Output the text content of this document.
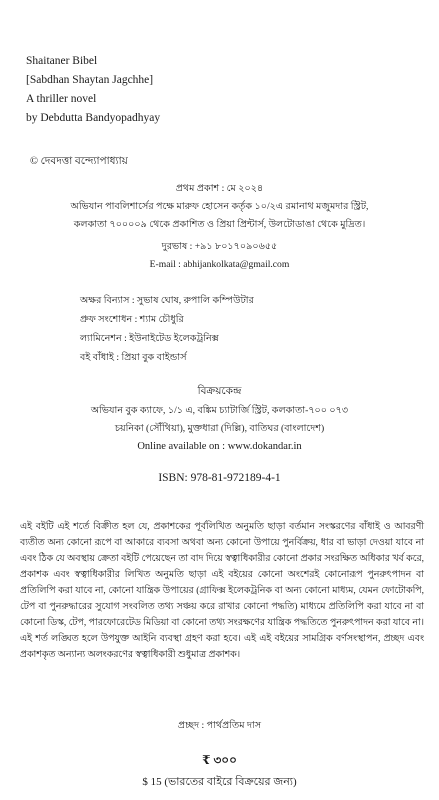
Shaitaner Bibel
[Sabdhan Shaytan Jagchhe]
A thriller novel
by Debdutta Bandyopadhyay
© দেবদত্তা বন্দ্যোপাধ্যায়
প্রথম প্রকাশ : মে ২০২৪
অভিযান পাবলিশার্সের পক্ষে মারুফ হোসেন কর্তৃক ১০/২এ রমানাথ মজুমদার স্ট্রিট,
কলকাতা ৭০০০০৯ থেকে প্রকাশিত ও প্রিয়া প্রিন্টার্স, উলটোডাঙা থেকে মুদ্রিত।
দুরভাষ : +৯১ ৮০১৭০৯০৬৫৫
E-mail : abhijankolkata@gmail.com
অক্ষর বিন্যাস : সুভাষ ঘোষ, রুপালি কম্পিউটার
প্রুফ সংশোধন : শ্যাম চৌধুরি
ল্যামিনেশন : ইউনাইটেড ইলেকট্রনিক্স
বই বাঁধাই : প্রিয়া বুক বাইন্ডার্স
বিক্রয়কেন্দ্র
অভিযান বুক ক্যাফে, ১/১ এ, বঙ্কিম চ্যাটার্জি স্ট্রিট, কলকাতা-৭০০ ০৭৩
চয়নিকা (সৌঁথিয়া), মুক্তধারা (দিল্লি), বাতিঘর (বাংলাদেশ)
Online available on : www.dokandar.in
ISBN: 978-81-972189-4-1
এই বইটি এই শর্তে বিক্রীত হল যে, প্রকাশকের পূর্বলিখিত অনুমতি ছাড়া বর্তমান সংস্করণের বাঁধাই ও আবরণী ব্যতীত অন্য কোনো রূপে বা আকারে ব্যবসা অথবা অন্য কোনো উপায়ে পুনর্বিক্রয়, ধার বা ভাড়া দেওয়া যাবে না এবং ঠিক যে অবস্থায় ক্রেতা বইটি পেয়েছেন তা বাদ দিয়ে স্বত্বাধিকারীর কোনো প্রকার সংরক্ষিত অধিকার খর্ব করে, প্রকাশক এবং স্বত্বাধিকারীর লিখিত অনুমতি ছাড়া এই বইয়ের কোনো অংশেরই কোনোরূপ পুনরুৎপাদন বা প্রতিলিপি করা যাবে না, কোনো যান্ত্রিক উপায়ের (গ্রাফিক্স ইলেকট্রনিক বা অন্য কোনো মাধ্যম, যেমন ফোটোকপি, টেপ বা পুনরুদ্ধারের সুযোগ সংবলিত তথ্য সঞ্চয় করে রাখার কোনো পদ্ধতি) মাধ্যমে প্রতিলিপি করা যাবে না বা কোনো ডিস্ক, টেপ, পারফোরেটেড মিডিয়া বা কোনো তথ্য সংরক্ষণের যান্ত্রিক পদ্ধতিতে পুনরুৎপাদন করা যাবে না। এই শর্ত লঙ্ঘিত হলে উপযুক্ত আইনি ব্যবস্থা গ্রহণ করা হবে। এই এই বইয়ের সামগ্রিক বর্ণসংস্থাপন, প্রচ্ছদ এবং প্রকাশকৃত অন্যান্য অলংকরণের স্বত্বাধিকারী শুধুমাত্র প্রকাশক।
প্রচ্ছদ : পার্থপ্রতিম দাস
₹ ৩০০
$ 15 (ভারতের বাইরে বিক্রয়ের জন্য)
